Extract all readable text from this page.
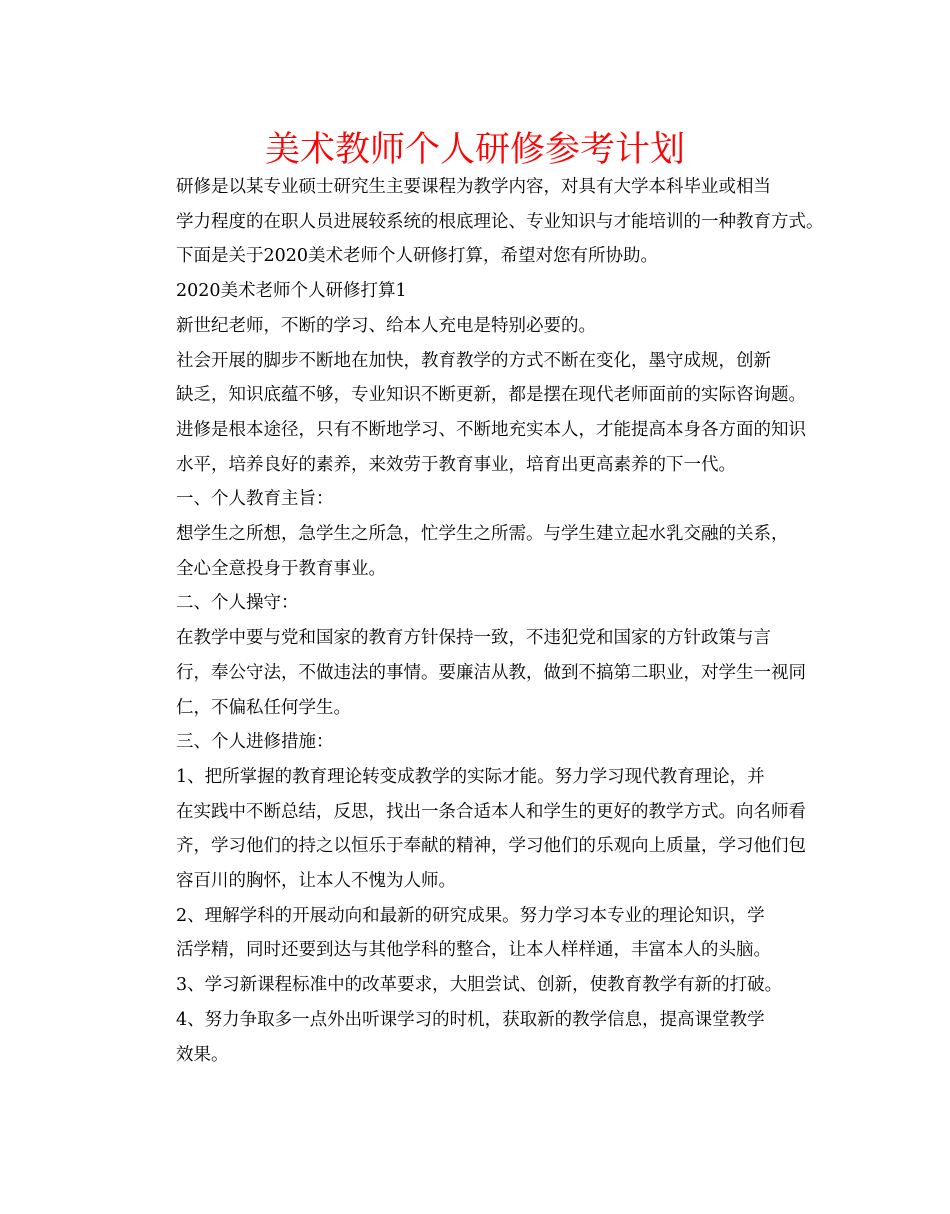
美术教师个人研修参考计划

研修是以某专业硕士研究生主要课程为教学内容，对具有大学本科毕业或相当
学力程度的在职人员进展较系统的根底理论、专业知识与才能培训的一种教育方式。
下面是关于2020美术老师个人研修打算，希望对您有所协助。

2020美术老师个人研修打算1

新世纪老师，不断的学习、给本人充电是特别必要的。

社会开展的脚步不断地在加快，教育教学的方式不断在变化，墨守成规，创新
缺乏，知识底蕴不够，专业知识不断更新，都是摆在现代老师面前的实际咨询题。
进修是根本途径，只有不断地学习、不断地充实本人，才能提高本身各方面的知识
水平，培养良好的素养，来效劳于教育事业，培育出更高素养的下一代。

一、个人教育主旨：

想学生之所想，急学生之所急，忙学生之所需。与学生建立起水乳交融的关系，
全心全意投身于教育事业。

二、个人操守：

在教学中要与党和国家的教育方针保持一致，不违犯党和国家的方针政策与言
行，奉公守法，不做违法的事情。要廉洁从教，做到不搞第二职业，对学生一视同
仁，不偏私任何学生。

三、个人进修措施：

1、把所掌握的教育理论转变成教学的实际才能。努力学习现代教育理论，并
在实践中不断总结，反思，找出一条合适本人和学生的更好的教学方式。向名师看
齐，学习他们的持之以恒乐于奉献的精神，学习他们的乐观向上质量，学习他们包
容百川的胸怀，让本人不愧为人师。

2、理解学科的开展动向和最新的研究成果。努力学习本专业的理论知识，学
活学精，同时还要到达与其他学科的整合，让本人样样通，丰富本人的头脑。

3、学习新课程标准中的改革要求，大胆尝试、创新，使教育教学有新的打破。

4、努力争取多一点外出听课学习的时机，获取新的教学信息，提高课堂教学
效果。
